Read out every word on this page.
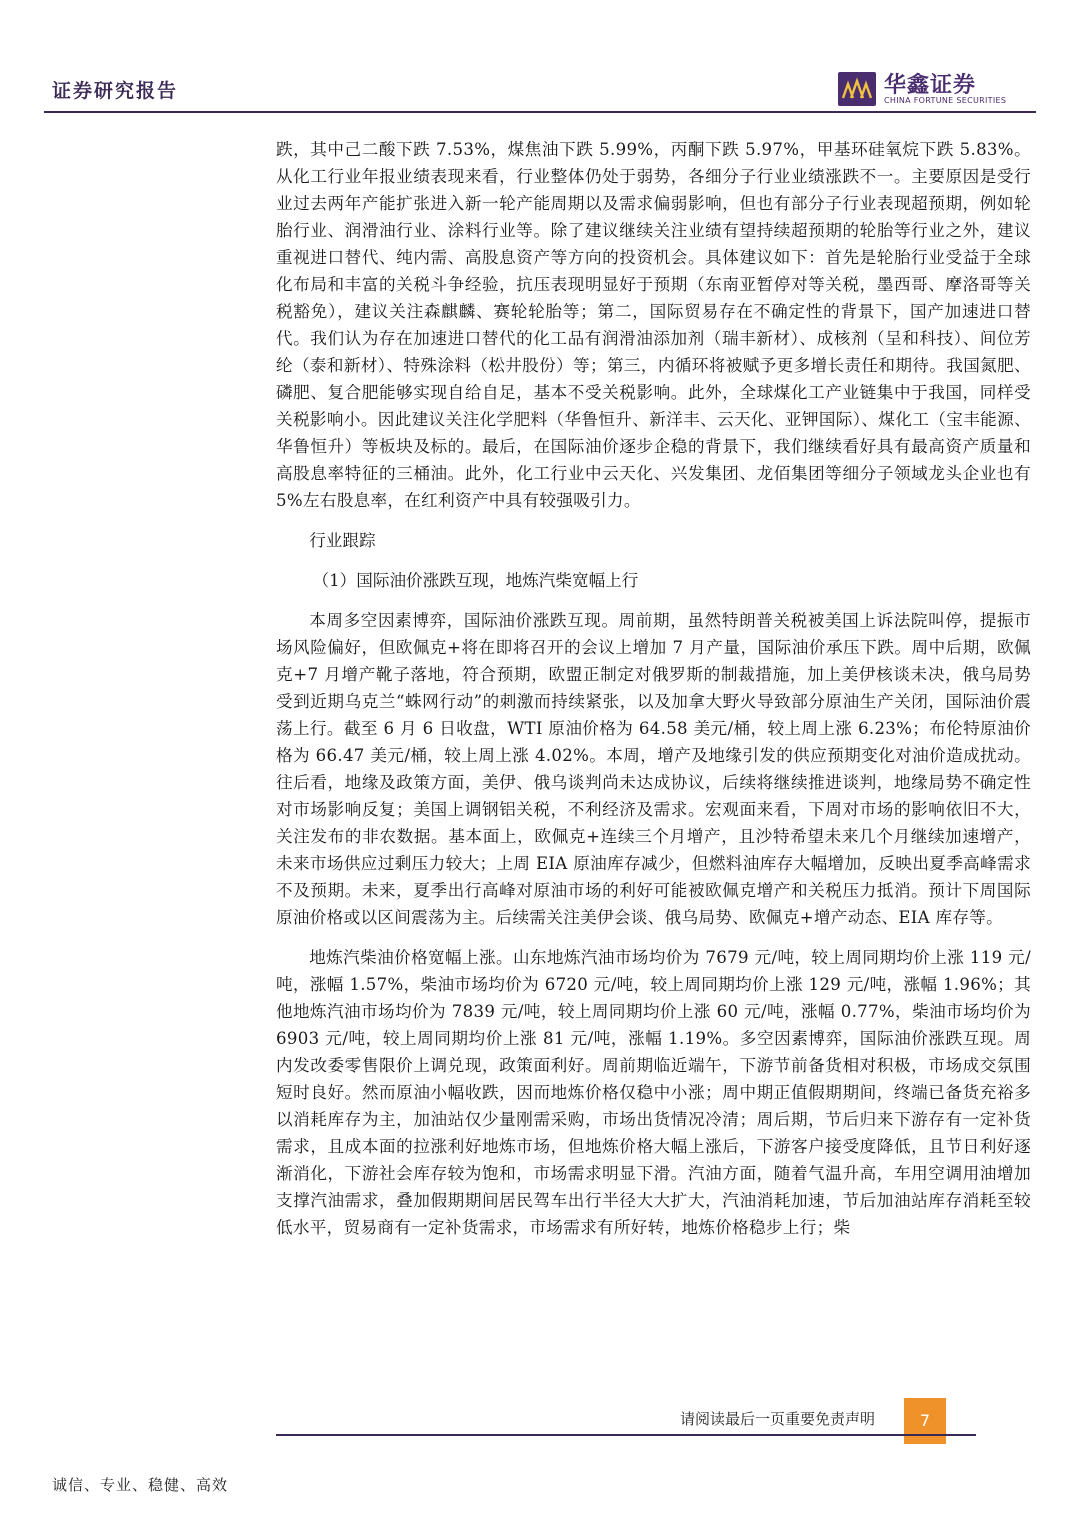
证券研究报告	华鑫证券
CHINA FORTUNE SECURITIES

跌，其中己二酸下跌 7.53%，煤焦油下跌 5.99%，丙酮下跌 5.97%，甲基环硅氧烷下跌 5.83%。从化工行业年报业绩表现来看，行业整体仍处于弱势，各细分子行业业绩涨跌不一。主要原因是受行业过去两年产能扩张进入新一轮产能周期以及需求偏弱影响，但也有部分子行业表现超预期，例如轮胎行业、润滑油行业、涂料行业等。除了建议继续关注业绩有望持续超预期的轮胎等行业之外，建议重视进口替代、纯内需、高股息资产等方向的投资机会。具体建议如下：首先是轮胎行业受益于全球化布局和丰富的关税斗争经验，抗压表现明显好于预期（东南亚暂停对等关税，墨西哥、摩洛哥等关税豁免），建议关注森麒麟、赛轮轮胎等；第二，国际贸易存在不确定性的背景下，国产加速进口替代。我们认为存在加速进口替代的化工品有润滑油添加剂（瑞丰新材）、成核剂（呈和科技）、间位芳纶（泰和新材）、特殊涂料（松井股份）等；第三，内循环将被赋予更多增长责任和期待。我国氮肥、磷肥、复合肥能够实现自给自足，基本不受关税影响。此外，全球煤化工产业链集中于我国，同样受关税影响小。因此建议关注化学肥料（华鲁恒升、新洋丰、云天化、亚钾国际）、煤化工（宝丰能源、华鲁恒升）等板块及标的。最后，在国际油价逐步企稳的背景下，我们继续看好具有最高资产质量和高股息率特征的三桶油。此外，化工行业中云天化、兴发集团、龙佰集团等细分子领域龙头企业也有 5%左右股息率，在红利资产中具有较强吸引力。

行业跟踪

（1）国际油价涨跌互现，地炼汽柴宽幅上行

本周多空因素博弈，国际油价涨跌互现。周前期，虽然特朗普关税被美国上诉法院叫停，提振市场风险偏好，但欧佩克+将在即将召开的会议上增加 7 月产量，国际油价承压下跌。周中后期，欧佩克+7 月增产靴子落地，符合预期，欧盟正制定对俄罗斯的制裁措施，加上美伊核谈未决，俄乌局势受到近期乌克兰“蛛网行动”的刺激而持续紧张，以及加拿大野火导致部分原油生产关闭，国际油价震荡上行。截至 6 月 6 日收盘，WTI 原油价格为 64.58 美元/桶，较上周上涨 6.23%；布伦特原油价格为 66.47 美元/桶，较上周上涨 4.02%。本周，增产及地缘引发的供应预期变化对油价造成扰动。往后看，地缘及政策方面，美伊、俄乌谈判尚未达成协议，后续将继续推进谈判，地缘局势不确定性对市场影响反复；美国上调钢铝关税，不利经济及需求。宏观面来看，下周对市场的影响依旧不大，关注发布的非农数据。基本面上，欧佩克+连续三个月增产，且沙特希望未来几个月继续加速增产，未来市场供应过剩压力较大；上周 EIA 原油库存减少，但燃料油库存大幅增加，反映出夏季高峰需求不及预期。未来，夏季出行高峰对原油市场的利好可能被欧佩克增产和关税压力抵消。预计下周国际原油价格或以区间震荡为主。后续需关注美伊会谈、俄乌局势、欧佩克+增产动态、EIA 库存等。

地炼汽柴油价格宽幅上涨。山东地炼汽油市场均价为 7679 元/吨，较上周同期均价上涨 119 元/吨，涨幅 1.57%，柴油市场均价为 6720 元/吨，较上周同期均价上涨 129 元/吨，涨幅 1.96%；其他地炼汽油市场均价为 7839 元/吨，较上周同期均价上涨 60 元/吨，涨幅 0.77%，柴油市场均价为 6903 元/吨，较上周同期均价上涨 81 元/吨，涨幅 1.19%。多空因素博弈，国际油价涨跌互现。周内发改委零售限价上调兑现，政策面利好。周前期临近端午，下游节前备货相对积极，市场成交氛围短时良好。然而原油小幅收跌，因而地炼价格仅稳中小涨；周中期正值假期期间，终端已备货充裕多以消耗库存为主，加油站仅少量刚需采购，市场出货情况冷清；周后期，节后归来下游存有一定补货需求，且成本面的拉涨利好地炼市场，但地炼价格大幅上涨后，下游客户接受度降低，且节日利好逐渐消化，下游社会库存较为饱和，市场需求明显下滑。汽油方面，随着气温升高，车用空调用油增加支撑汽油需求，叠加假期期间居民驾车出行半径大大扩大，汽油消耗加速，节后加油站库存消耗至较低水平，贸易商有一定补货需求，市场需求有所好转，地炼价格稳步上行；柴

请阅读最后一页重要免责声明	7
诚信、专业、稳健、高效
